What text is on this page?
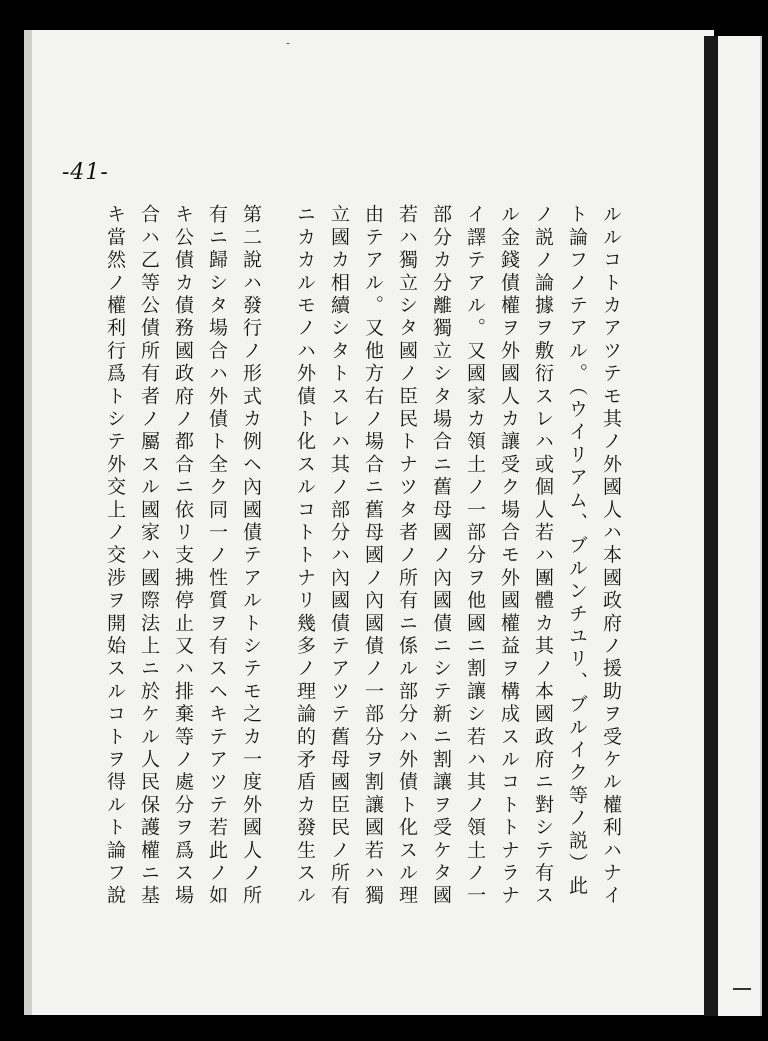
-
-41-
ルルコトカアツテモ其ノ外國人ハ本國政府ノ援助ヲ受ケル權利ハナイ
ト論フノテアル。（ウイリアム、ブルンチユリ、ブルイク等ノ説）此
ノ説ノ論據ヲ敷衍スレハ或個人若ハ團體カ其ノ本國政府ニ對シテ有ス
ル金錢債權ヲ外國人カ讓受ク場合モ外國權益ヲ構成スルコトトナラナ
イ譯テアル。又國家カ領土ノ一部分ヲ他國ニ割讓シ若ハ其ノ領土ノ一
部分カ分離獨立シタ場合ニ舊母國ノ內國債ニシテ新ニ割讓ヲ受ケタ國
若ハ獨立シタ國ノ臣民トナツタ者ノ所有ニ係ル部分ハ外債ト化スル理
由テアル。又他方右ノ場合ニ舊母國ノ內國債ノ一部分ヲ割讓國若ハ獨
立國カ相續シタトスレハ其ノ部分ハ內國債テアツテ舊母國臣民ノ所有
ニカカルモノハ外債ト化スルコトトナリ幾多ノ理論的矛盾カ發生スル
第二說ハ發行ノ形式カ例ヘ內國債テアルトシテモ之カ一度外國人ノ所
有ニ歸シタ場合ハ外債ト全ク同一ノ性質ヲ有スヘキテアツテ若此ノ如
キ公債カ債務國政府ノ都合ニ依リ支拂停止又ハ排棄等ノ處分ヲ爲ス場
合ハ乙等公債所有者ノ屬スル國家ハ國際法上ニ於ケル人民保護權ニ基
キ當然ノ權利行爲トシテ外交上ノ交涉ヲ開始スルコトヲ得ルト論フ說
